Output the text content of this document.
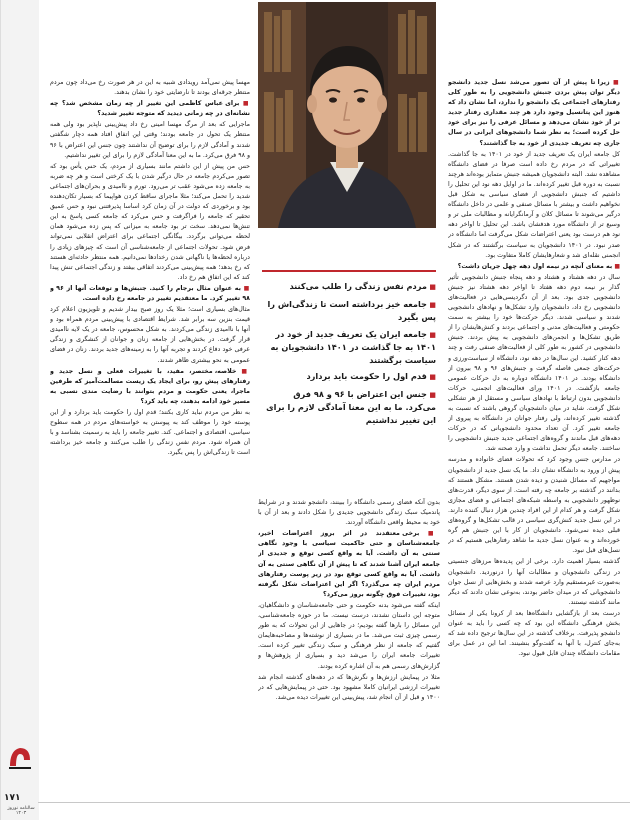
■ مردم نفس زندگی را طلب می‌کنند
■ جامعه خیز برداشته است تا زندگی‌اش را پس بگیرد
■ جامعه ایران یک تعریف جدید از خود در ۱۴۰۱ به جا گذاشت در ۱۴۰۱ دانشجویان به سیاست برگشتند
■ قدم اول را حکومت باید بردارد
■ جنس این اعتراض با ۹۶ و ۹۸ فرق می‌کرد. ما به این معنا آمادگی لازم را برای این تغییر نداشتیم

■ زیرا تا پیش از آن تصور می‌شد نسل جدید دانشجو دیگر توان پیش بردن جنبش دانشجویی را به طور کلی رفتارهای اجتماعی یک دانشجو را ندارد، اما نشان داد که هنوز این پتانسیل وجود دارد هر چند مقداری رفتار جدید تر از خود نشان می‌دهد و مسائل عرفی را نیز برای خود حل کرده است؛ به نظر شما دانشجوهای ایرانی در سال جاری چه تعریف جدیدی از خود به جا گذاشتند؟

کل جامعه ایران یک تعریف جدید از خود در ۱۴۰۱ به جا گذاشت. تغییراتی که در مردم رخ داده است صرفا در فضای دانشگاه مشاهده نشد. البته دانشجویان همیشه جنبش متمایز بوده‌اند هرچند نسبت به دوره قبل تغییر کرده‌اند. ما در اوایل دهه نود این تحلیل را داشتیم که جنبش دانشجویی از فضای سیاسی به شکل قبل نخواهیم داشت و بیشتر با مسائل صنفی و علمی در داخل دانشگاه درگیر می‌شوند تا مسائل کلان و آرمانگرایانه و مطالبات ملی تر و وسیع تر از دانشگاه مورد هدفشان باشد. این تحلیل تا اواخر دهه نود هم درست بود یعنی اعتراضات شکل می‌گرفت اما دانشگاه در صدر نبود. در ۱۴۰۱ دانشجویان به سیاست برگشتند که در شکل انجمنی نقله‌ای شد و شعارهایشان کاملا متفاوت بود.

■ به معنای آنچه در نیمه اول دهه چهل جریان داشت؟

سال در دهه هشتاد و هشتاد و دهه پنجاه جنبش دانشجویی تأثیر گذار بر نیمه دوم دهه هفتاد تا اواخر دهه هشتاد نیز جنبش دانشجویی جدی بود. بعد از آن دگردیسی‌هایی در فعالیت‌های دانشجویی رخ داد، دانشجویان وارد تشکل‌ها و نهادهای دانشجویی شدند و سیاسی شدند. دیگر حرکت‌ها خود را بیشتر به سمت حکومتی و فعالیت‌های مدنی و اجتماعی بردند و کنش‌هایشان را از طریق تشکل‌ها و انجمن‌های دانشجویی به پیش بردند. جنبش دانشجویی در کشور به طور کلی از فعالیت‌های صنفی رفت و چند دهه کنار کشید. این سال‌ها در دهه نود، دانشگاه از سیاست‌ورزی و حرکت‌های جمعی فاصله گرفت و جنبش‌های ۹۶ و ۹۸ بیرون از دانشگاه بودند. در ۱۴۰۱ دانشگاه دوباره به دل حرکات عمومی جامعه بازگشت. در ۱۴۰۱ ورای فعالیت‌های انجمنی، حرکات دانشجویی بدون ارتباط با نهادهای سیاسی و مستقل از هر تشکلی شکل گرفت. شاید در میان دانشجویان گروهی باشند که نسبت به گذشته تغییر کرده‌اند، ولی رفتار جوانان در دانشگاه به پیروی از جامعه تغییر کرد. آن تعداد محدود دانشجویانی که در حرکات دهه‌های قبل ماندند و گروه‌های اجتماعی جدید جنبش دانشجویی را ساختند. جامعه دیگر تحمل نداشت و وارد صحنه شد.

در مدارس جنس وجود کرد که تحولات فضای خانواده و مدرسه پیش از ورود به دانشگاه نشان داد. ما یک نسل جدید از دانشجویان مواجهیم که مسائل شنیدن و دیده شدن هستند. مشکل هستند که بدانند در گذشته بر جامعه چه رفته است. از سوی دیگر، قدرت‌های نوظهور دانشجویی به واسطه شبکه‌های اجتماعی و فضای مجازی شکل گرفت و هر کدام از این افراد چندین هزار دنبال کننده دارند. در این نسل جدید کنش‌گری سیاسی در قالب تشکل‌ها و گروه‌های قبلی دیده نمی‌شود. دانشجویان از کار با این جنبش هم گره خورده‌اند و به عنوان نسل جدید ما شاهد رفتارهایی هستیم که در نسل‌های قبل نبود.

گذشته بسیار اهمیت دارد. برخی از این پدیده‌ها مرزهای جنسیتی در زندگی دانشجویان و مطالبات آنها را درنوردید. دانشجویان به‌صورت غیرمستقیم وارد عرصه شدند و بخش‌هایی از نسل جوان دانشجویانی که در میدان حاضر بودند، به‌نوعی نشان دادند که دیگر مانند گذشته نیستند.

درست بعد از بازگشایی دانشگاه‌ها بعد از کرونا یکی از مسائل بخش فرهنگی دانشگاه این بود که چه کسی را باید به عنوان دانشجو پذیرفت. برخلاف گذشته در این سال‌ها ترجیح داده شد که به‌جای کنترل، با آنها به گفت‌وگو بنشینند. اما این در عمل برای مقامات دانشگاه چندان قابل قبول نبود.

بدون آنکه فضای رسمی دانشگاه را ببینند، دانشجو شدند و در شرایط پاندمیک سبک زندگی دانشجویی جدیدی را شکل دادند و بعد از آن با خود به محیط واقعی دانشگاه آوردند.

■ برخی معتقدند در اثر بروز اعتراضات اخیر، جامعه‌شناسان و حتی حاکمیت سیاسی با وجود نگاهی سنتی به آن داشت. آیا به واقع کسی توقع و جدیدی از جامعه ایران آشنا شدند که تا پیش از آن نگاهی سنتی به آن داشت. آیا به واقع کسی توقع بود در زیر پوست رفتارهای مردم ایران چه می‌گذرد؟ اگر این اعتراضات شکل نگرفته بود، تغییرات فوق چگونه بروز می‌کرد؟

اینکه گفته می‌شود بدنه حکومت و حتی جامعه‌شناسان و دانشگاهیان، متوجه این داستان نشدند، درست نیست. ما در حوزه جامعه‌شناسی، این مسائل را بارها گفته بودیم؛ در جاهایی از این تحولات که به طور رسمی چیزی ثبت می‌شد. ما در بسیاری از نوشته‌ها و مصاحبه‌هایمان گفتیم که جامعه از نظر فرهنگی و سبک زندگی تغییر کرده است. تغییرات جامعه ایران را می‌شد دید و بسیاری از پژوهش‌ها و گزارش‌های رسمی هم به آن اشاره کرده بودند.

مثلا در پیمایش ارزش‌ها و نگرش‌ها که در دهه‌های گذشته انجام شد تغییرات ارزشی ایرانیان کاملا مشهود بود. حتی در پیمایش‌هایی که در ۱۴۰۰ و قبل از آن انجام شد، پیش‌بینی این تغییرات دیده می‌شد.

مهسا پیش نمی‌آمد رویدادی شبیه به این در هر صورت رخ می‌داد چون مردم منتظر جرقه‌ای بودند تا نارضایتی خود را نشان بدهند.

■ برای عباس کاظمی این تغییر از چه زمان مشخص شد؟ چه نشانه‌ای در چه زمانی دیدید که متوجه تغییر شدید؟

ماجرایی که بعد از مرگ مهسا امینی رخ داد پیش‌بینی ناپذیر بود ولی همه منتظر یک تحول در جامعه بودند؛ وقتی این اتفاق افتاد همه دچار شگفتی شدند و آمادگی لازم را برای توضیح آن نداشتند چون جنس این اعتراض با ۹۶ و ۹۸ فرق می‌کرد. ما به این معنا آمادگی لازم را برای این تغییر نداشتیم.

حس من پیش از این داشتم مانند بسیاری از مردم، یک حس یأس بود که تصور می‌کردم جامعه در حال درگیر شدن با یک کرختی است و هر چه ضربه به جامعه زده می‌شود عقب تر می‌رود. تورم و ناامیدی و بحران‌های اجتماعی شدید را تحمل می‌کند؛ مثلا ماجرای ساقط کردن هواپیما که بسیار تکان‌دهنده بود و برخوردی که دولت در آن زمان کرد اساسا پذیرفتنی نبود و حس عمیق تحقیر که جامعه را فراگرفت و حس می‌کرد که جامعه کسی پاسخ به این تنش‌ها نمی‌دهد. سخت تر بود جامعه به میزانی که پس زده می‌شود همان لحظه می‌توانی برگردد. بیگانگی اجتماعی برای اعتراض انقلابی نمی‌تواند فرض شود. تحولات اجتماعی از جامعه‌شناسی آن است که چیزهای زیادی را درباره لحظه‌ها یا ناگهانی شدن رخدادها نمی‌دانیم. همه منتظر حادثه‌ای هستند که رخ بدهد؛ همه پیش‌بینی می‌کردند اتفاقی بیفتد و زندگی اجتماعی تنش پیدا کند که این اتفاق هم رخ داد.

■ به عنوان مثال برجام را کنید. جنبش‌ها و توقعات آنها از ۹۶ و ۹۸ تغییر کرد. ما معتقدیم تغییر در جامعه رخ داده است.

مثال‌های بسیاری است؛ مثلا یک روز صبح بیدار شدیم و تلویزیون اعلام کرد قیمت بنزین سه برابر شد. شرایط اقتصادی با پیش‌بینی مردم همراه بود و آنها با ناامیدی زندگی می‌کردند. به شکل محسوس، جامعه در یک لایه ناامیدی قرار گرفت. در بخش‌هایی از جامعه زنان و جوانان از کنشگری و زندگی عرفی خود دفاع کردند و تجربه آنها را به زمینه‌های جدید بردند. زنان در فضای عمومی به نحو بیشتری ظاهر شدند.

■ خلاصه، مختصر، مفید، با تغییرات فعلی و نسل جدید و رفتارهای پیش رو، برای ایجاد یک زیست مسالمت‌آمیز که طرفین ماجرا، یعنی حکومت و مردم بتوانند با رضایت مندی نسبی به مسیر خود ادامه بدهند، چه باید کرد؟

به نظر من مردم نباید کاری بکنند؛ قدم اول را حکومت باید بردارد و از این پوسته خود را موظف کند به پیوستن به خواسته‌های مردم در همه سطوح سیاسی، اقتصادی و اجتماعی. کند. تغییر جامعه را باید به رسمیت بشناسد و با آن همراه شود. مردم نفس زندگی را طلب می‌کنند و جامعه خیز برداشته است تا زندگی‌اش را پس بگیرد.

۱۷۱
سالنامه نوروز ۱۴۰۳
